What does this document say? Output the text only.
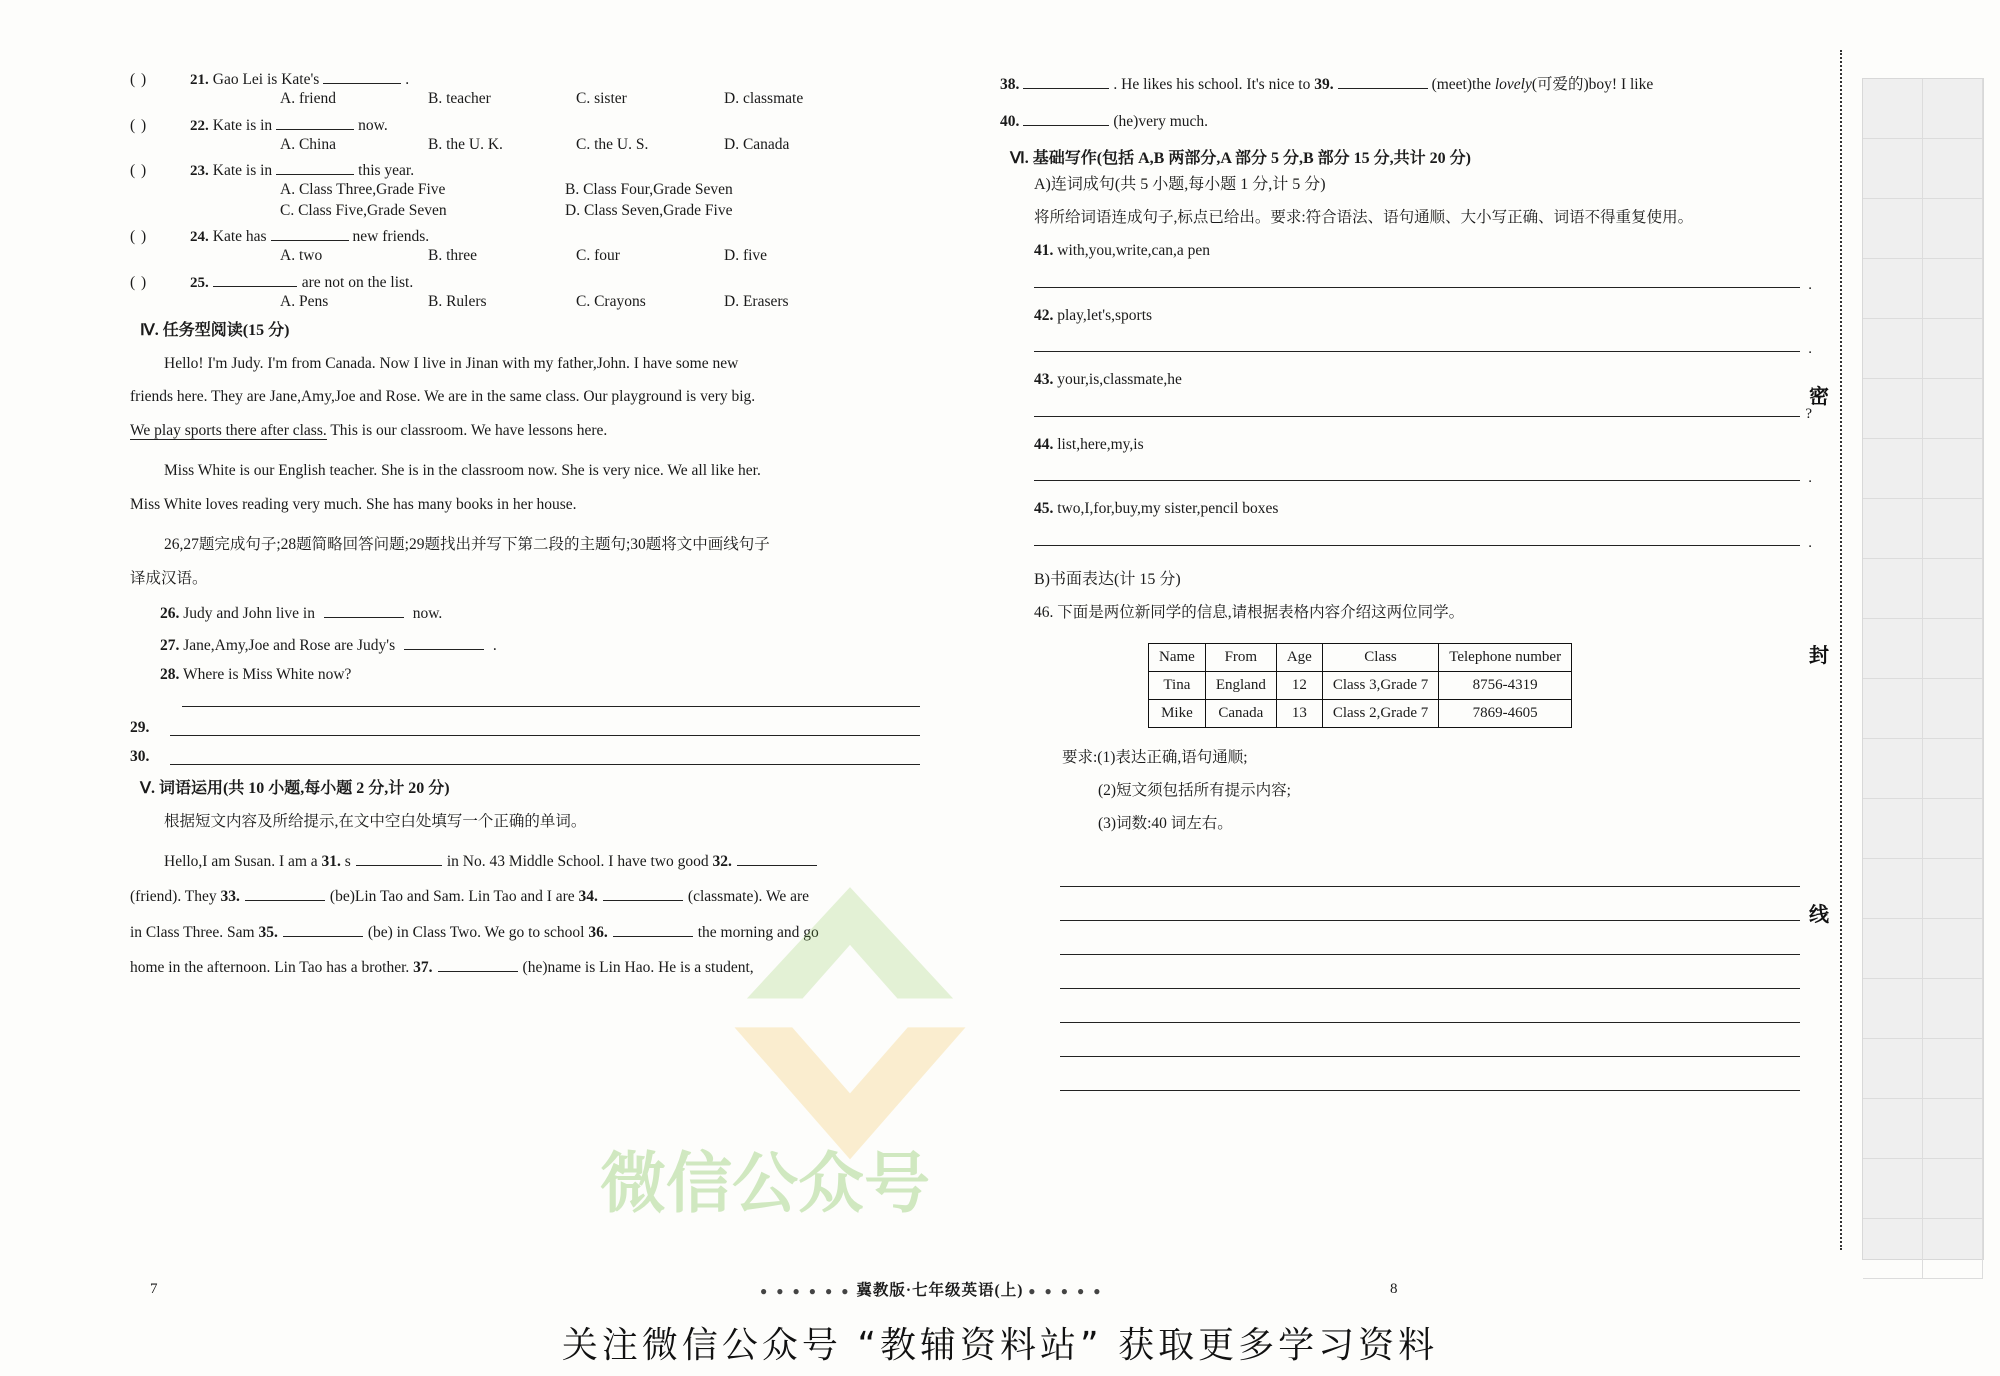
( )	21. Gao Lei is Kate's	.
A. friend	B. teacher	C. sister	D. classmate
( )	22. Kate is in	now.
A. China	B. the U. K.	C. the U. S.	D. Canada
( )	23. Kate is in	this year.
A. Class Three,Grade Five	B. Class Four,Grade Seven
C. Class Five,Grade Seven	D. Class Seven,Grade Five
( )	24. Kate has	new friends.
A. two	B. three	C. four	D. five
( )	25.	are not on the list.
A. Pens	B. Rulers	C. Crayons	D. Erasers
Ⅳ. 任务型阅读(15 分)
Hello! I'm Judy. I'm from Canada. Now I live in Jinan with my father,John. I have some new
friends here. They are Jane,Amy,Joe and Rose. We are in the same class. Our playground is very big.
We play sports there after class. This is our classroom. We have lessons here.
Miss White is our English teacher. She is in the classroom now. She is very nice. We all like her.
Miss White loves reading very much. She has many books in her house.
26,27题完成句子;28题简略回答问题;29题找出并写下第二段的主题句;30题将文中画线句子
译成汉语。
26. Judy and John live in	now.
27. Jane,Amy,Joe and Rose are Judy's	.
28. Where is Miss White now?
29.
30.
Ⅴ. 词语运用(共 10 小题,每小题 2 分,计 20 分)
根据短文内容及所给提示,在文中空白处填写一个正确的单词。
Hello,I am Susan. I am a 31. s	in No. 43 Middle School. I have two good 32.
(friend). They 33.	(be)Lin Tao and Sam. Lin Tao and I are 34.	(classmate). We are
in Class Three. Sam 35.	(be) in Class Two. We go to school 36.	the morning and go
home in the afternoon. Lin Tao has a brother. 37.	(he)name is Lin Hao. He is a student,
38.	. He likes his school. It's nice to 39.	(meet)the lovely(可爱的)boy! I like
40.	(he)very much.
Ⅵ. 基础写作(包括 A,B 两部分,A 部分 5 分,B 部分 15 分,共计 20 分)
A)连词成句(共 5 小题,每小题 1 分,计 5 分)
将所给词语连成句子,标点已给出。要求:符合语法、语句通顺、大小写正确、词语不得重复使用。
41. with,you,write,can,a pen
.
42. play,let's,sports
.
43. your,is,classmate,he
?
44. list,here,my,is
.
45. two,I,for,buy,my sister,pencil boxes
.
B)书面表达(计 15 分)
46. 下面是两位新同学的信息,请根据表格内容介绍这两位同学。
Name	From	Age	Class	Telephone number
Tina	England	12	Class 3,Grade 7	8756-4319
Mike	Canada	13	Class 2,Grade 7	7869-4605
要求:(1)表达正确,语句通顺;
(2)短文须包括所有提示内容;
(3)词数:40 词左右。
密
封
线
微信公众号
7	8
● ● ● ● ● ● 冀教版·七年级英语(上) ● ● ● ● ●
关注微信公众号 “教辅资料站” 获取更多学习资料
